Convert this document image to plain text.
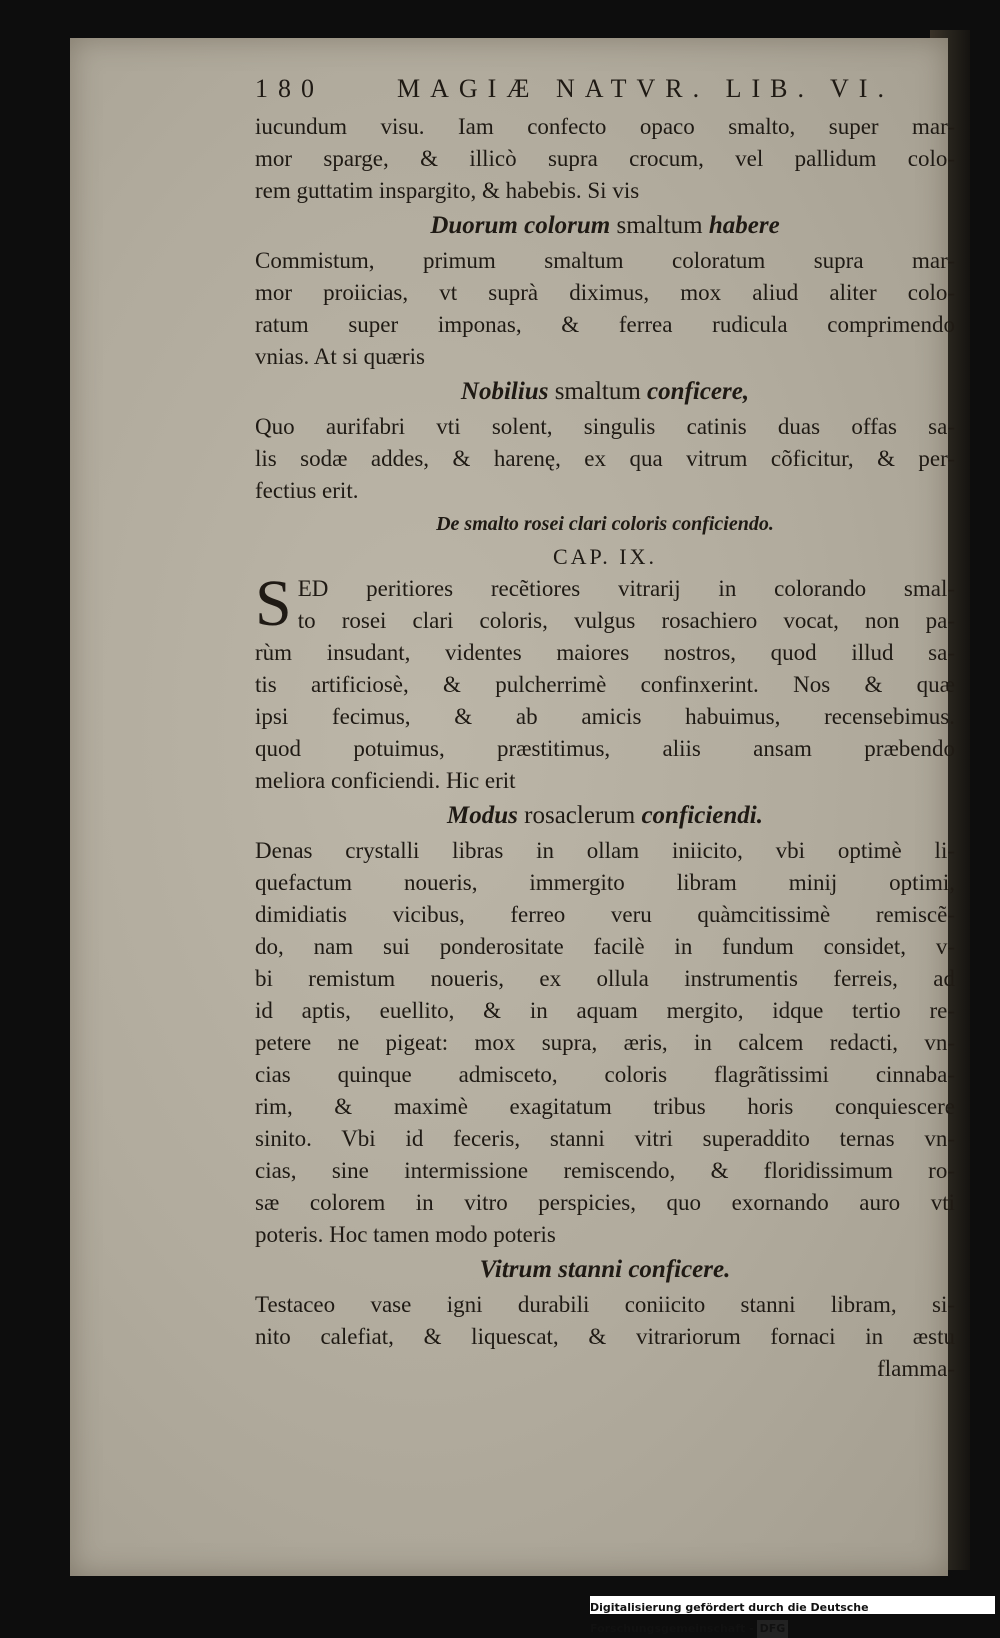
180	MAGIÆ NATVR. LIB. VI.
iucundum visu. Iam confecto opaco smalto, super mar-
mor sparge, & illicò supra crocum, vel pallidum colo-
rem guttatim inspargito, & habebis. Si vis
Duorum colorum smaltum habere
Commistum, primum smaltum coloratum supra mar-
mor proiicias, vt suprà diximus, mox aliud aliter colo-
ratum super imponas, & ferrea rudicula comprimendo
vnias. At si quæris
Nobilius smaltum conficere,
Quo aurifabri vti solent, singulis catinis duas offas sa-
lis sodæ addes, & harenę, ex qua vitrum cõficitur, & per-
fectius erit.
De smalto rosei clari coloris conficiendo.
CAP. IX.
S ED peritiores recẽtiores vitrarij in colorando smal-
to rosei clari coloris, vulgus rosachiero vocat, non pa-
rùm insudant, videntes maiores nostros, quod illud sa-
tis artificiosè, & pulcherrimè confinxerint. Nos & quæ
ipsi fecimus, & ab amicis habuimus, recensebimus.
quod potuimus, præstitimus, aliis ansam præbendo
meliora conficiendi. Hic erit
Modus rosaclerum conficiendi.
Denas crystalli libras in ollam iniicito, vbi optimè li-
quefactum noueris, immergito libram minij optimi,
dimidiatis vicibus, ferreo veru quàmcitissimè remiscẽ-
do, nam sui ponderositate facilè in fundum considet, v-
bi remistum noueris, ex ollula instrumentis ferreis, ad
id aptis, euellito, & in aquam mergito, idque tertio re-
petere ne pigeat: mox supra, æris, in calcem redacti, vn-
cias quinque admisceto, coloris flagrãtissimi cinnaba-
rim, & maximè exagitatum tribus horis conquiescere
sinito. Vbi id feceris, stanni vitri superaddito ternas vn-
cias, sine intermissione remiscendo, & floridissimum ro-
sæ colorem in vitro perspicies, quo exornando auro vti
poteris. Hoc tamen modo poteris
Vitrum stanni conficere.
Testaceo vase igni durabili coniicito stanni libram, si-
nito calefiat, & liquescat, & vitrariorum fornaci in æstu
flamma-
Digitalisierung gefördert durch die Deutsche Forschungsgemeinschaft - DFG
